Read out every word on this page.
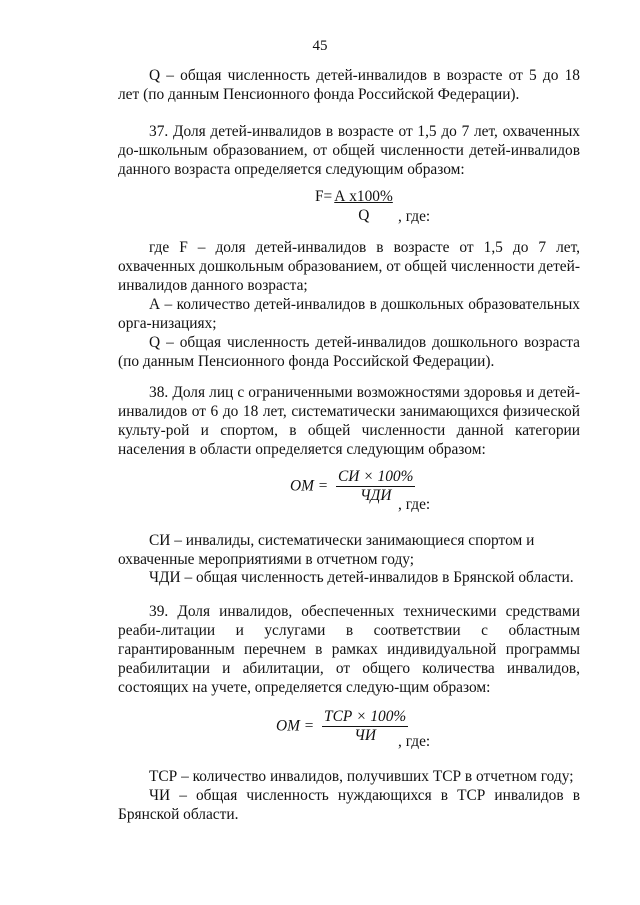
45
Q – общая численность детей-инвалидов в возрасте от 5 до 18 лет (по данным Пенсионного фонда Российской Федерации).
37. Доля детей-инвалидов в возрасте от 1,5 до 7 лет, охваченных до-школьным образованием, от общей численности детей-инвалидов данного возраста определяется следующим образом:
$F= \frac{\text{А х100\%}}{Q}$ , где:
где F – доля детей-инвалидов в возрасте от 1,5 до 7 лет, охваченных дошкольным образованием, от общей численности детей-инвалидов данного возраста;
А – количество детей-инвалидов в дошкольных образовательных орга-низациях;
Q – общая численность детей-инвалидов дошкольного возраста (по данным Пенсионного фонда Российской Федерации).
38. Доля лиц с ограниченными возможностями здоровья и детей-инвалидов от 6 до 18 лет, систематически занимающихся физической культу-рой и спортом, в общей численности данной категории населения в области определяется следующим образом:
ОМ = $\frac{СИ \times 100\%}{\text{ЧДИ}}$
, где:
СИ – инвалиды, систематически занимающиеся спортом и охваченные мероприятиями в отчетном году;
ЧДИ – общая численность детей-инвалидов в Брянской области.
39. Доля инвалидов, обеспеченных техническими средствами реаби-литации и услугами в соответствии с областным гарантированным перечнем в рамках индивидуальной программы реабилитации и абилитации, от общего количества инвалидов, состоящих на учете, определяется следую-щим образом:
ОМ = $\frac{\text{ТСР × 100\%}}{ЧИ}$
, где:
ТСР – количество инвалидов, получивших ТСР в отчетном году;
ЧИ – общая численность нуждающихся в ТСР инвалидов в Брянской области.
